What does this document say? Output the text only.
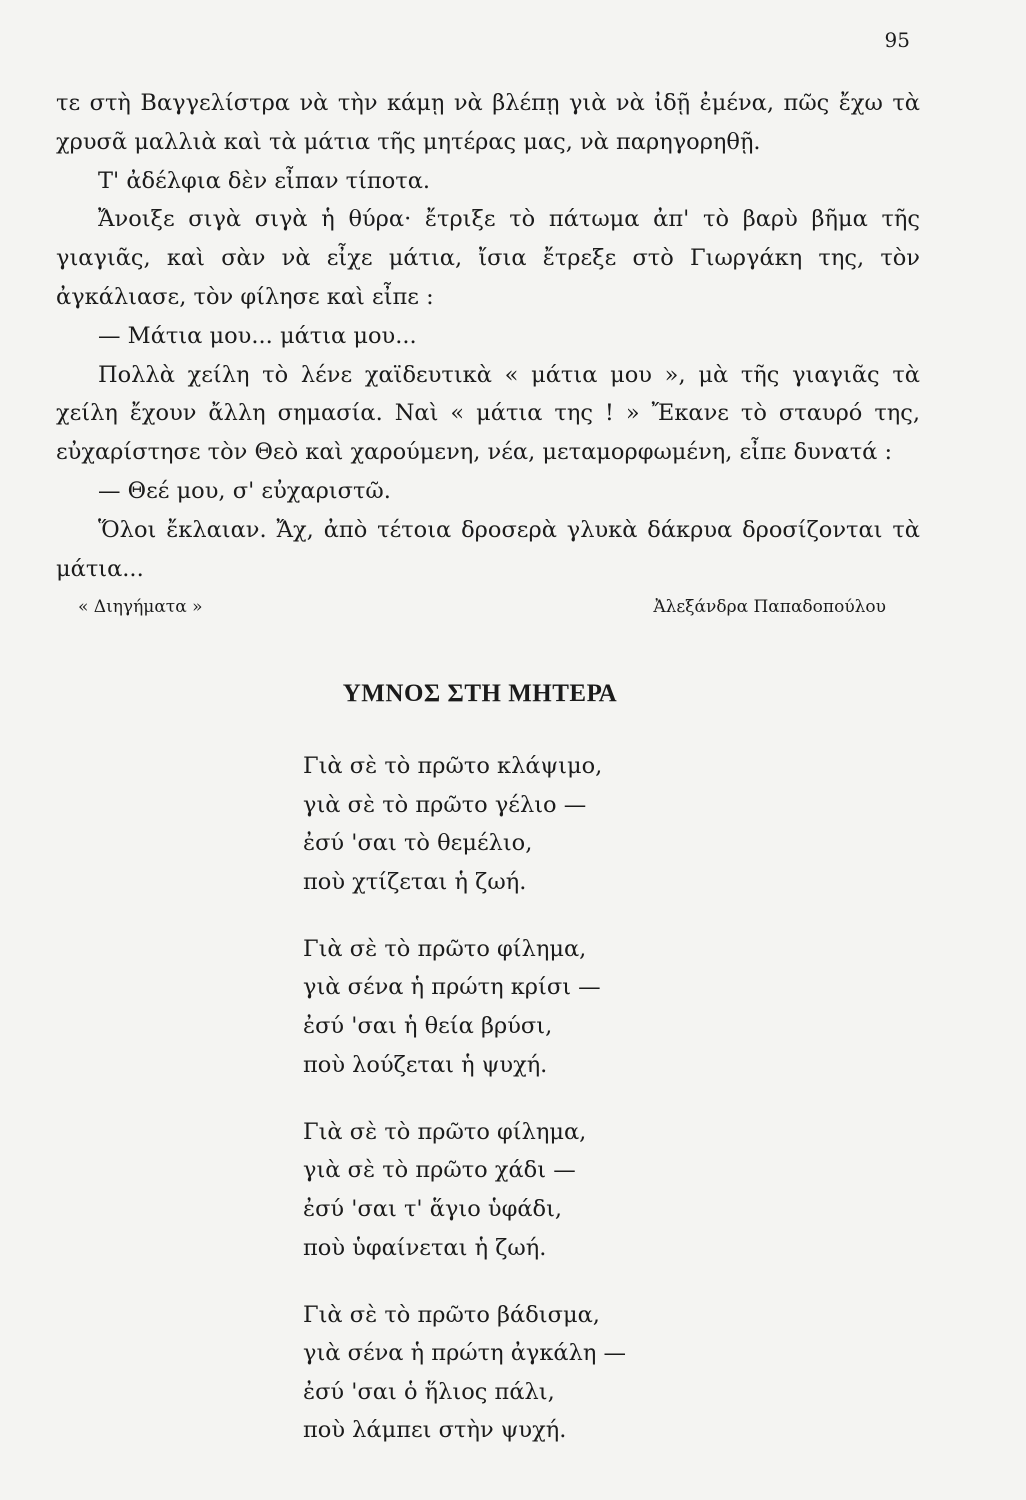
95

τε στὴ Βαγγελίστρα νὰ τὴν κάμῃ νὰ βλέπῃ γιὰ νὰ ἰδῇ ἐμένα, πῶς ἔχω τὰ χρυσᾶ μαλλιὰ καὶ τὰ μάτια τῆς μητέρας μας, νὰ παρηγορηθῇ.

Τ' ἀδέλφια δὲν εἶπαν τίποτα.

Ἄνοιξε σιγὰ σιγὰ ἡ θύρα· ἔτριξε τὸ πάτωμα ἀπ' τὸ βαρὺ βῆμα τῆς γιαγιᾶς, καὶ σὰν νὰ εἶχε μάτια, ἴσια ἔτρεξε στὸ Γιωργάκη της, τὸν ἀγκάλιασε, τὸν φίλησε καὶ εἶπε :

— Μάτια μου... μάτια μου...

Πολλὰ χείλη τὸ λένε χαϊδευτικὰ « μάτια μου », μὰ τῆς γιαγιᾶς τὰ χείλη ἔχουν ἄλλη σημασία. Ναὶ « μάτια της ! » Ἔκανε τὸ σταυρό της, εὐχαρίστησε τὸν Θεὸ καὶ χαρούμενη, νέα, μεταμορφωμένη, εἶπε δυνατά :

— Θεέ μου, σ' εὐχαριστῶ.

Ὅλοι ἔκλαιαν. Ἄχ, ἀπὸ τέτοια δροσερὰ γλυκὰ δάκρυα δροσίζονται τὰ μάτια...

« Διηγήματα »	Ἀλεξάνδρα Παπαδοπούλου
ΥΜΝΟΣ ΣΤΗ ΜΗΤΕΡΑ
Γιὰ σὲ τὸ πρῶτο κλάψιμο,
γιὰ σὲ τὸ πρῶτο γέλιο —
ἐσύ 'σαι τὸ θεμέλιο,
ποὺ χτίζεται ἡ ζωή.
Γιὰ σὲ τὸ πρῶτο φίλημα,
γιὰ σένα ἡ πρώτη κρίσι —
ἐσύ 'σαι ἡ θεία βρύσι,
ποὺ λούζεται ἡ ψυχή.
Γιὰ σὲ τὸ πρῶτο φίλημα,
γιὰ σὲ τὸ πρῶτο χάδι —
ἐσύ 'σαι τ' ἅγιο ὑφάδι,
ποὺ ὑφαίνεται ἡ ζωή.
Γιὰ σὲ τὸ πρῶτο βάδισμα,
γιὰ σένα ἡ πρώτη ἀγκάλη —
ἐσύ 'σαι ὁ ἥλιος πάλι,
ποὺ λάμπει στὴν ψυχή.
